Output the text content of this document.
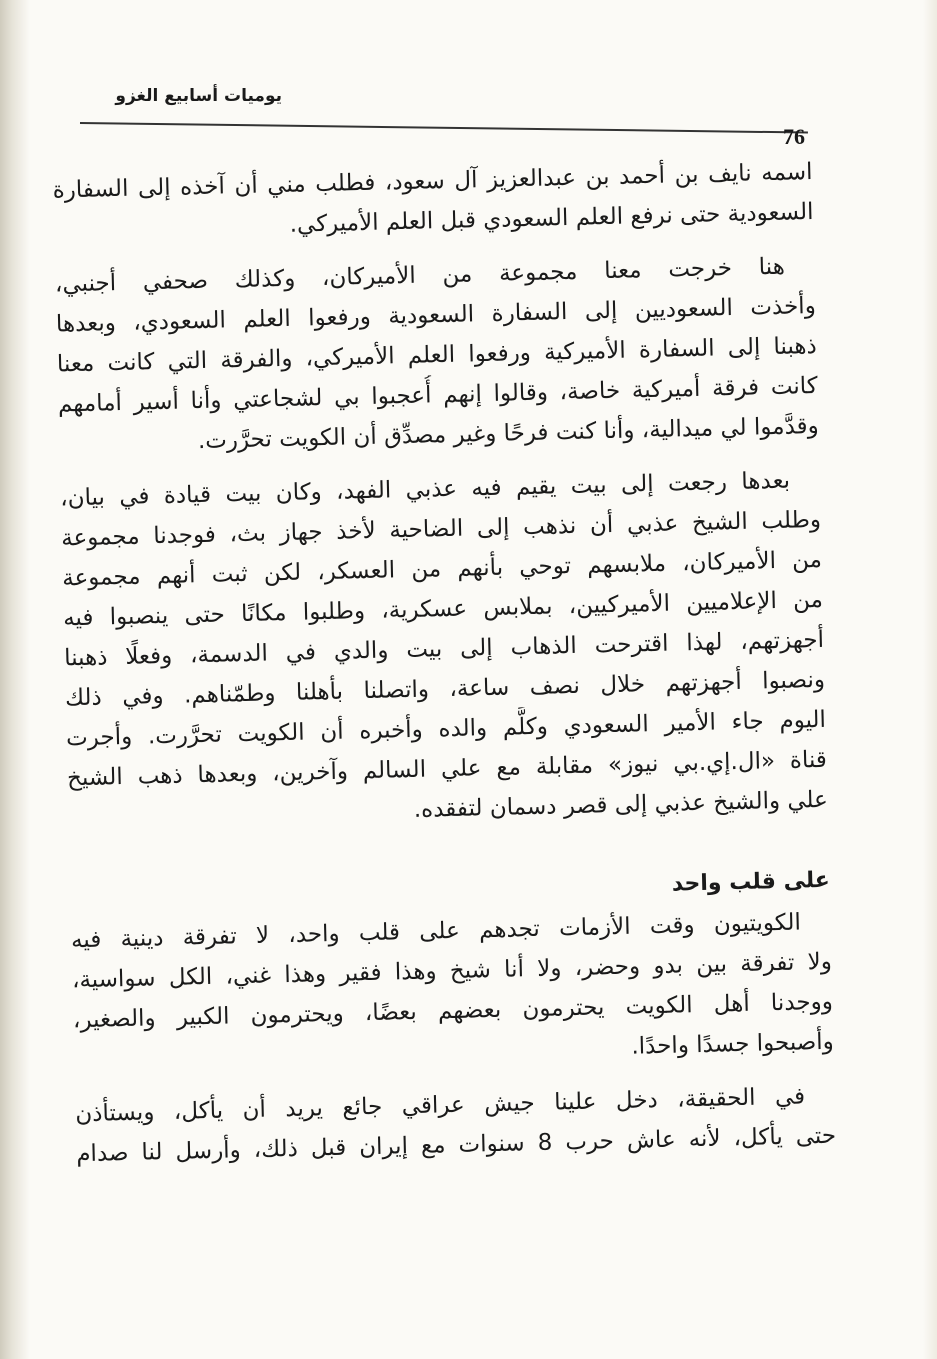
يوميات أسابيع الغزو
76
اسمه نايف بن أحمد بن عبدالعزيز آل سعود، فطلب مني أن آخذه إلى السفارة
السعودية حتى نرفع العلم السعودي قبل العلم الأميركي.
هنا خرجت معنا مجموعة من الأميركان، وكذلك صحفي أجنبي،
وأخذت السعوديين إلى السفارة السعودية ورفعوا العلم السعودي، وبعدها
ذهبنا إلى السفارة الأميركية ورفعوا العلم الأميركي، والفرقة التي كانت معنا
كانت فرقة أميركية خاصة، وقالوا إنهم أُعجبوا بي لشجاعتي وأنا أسير أمامهم
وقدَّموا لي ميدالية، وأنا كنت فرحًا وغير مصدِّق أن الكويت تحرَّرت.
بعدها رجعت إلى بيت يقيم فيه عذبي الفهد، وكان بيت قيادة في بيان،
وطلب الشيخ عذبي أن نذهب إلى الضاحية لأخذ جهاز بث، فوجدنا مجموعة
من الأميركان، ملابسهم توحي بأنهم من العسكر، لكن ثبت أنهم مجموعة
من الإعلاميين الأميركيين، بملابس عسكرية، وطلبوا مكانًا حتى ينصبوا فيه
أجهزتهم، لهذا اقترحت الذهاب إلى بيت والدي في الدسمة، وفعلًا ذهبنا
ونصبوا أجهزتهم خلال نصف ساعة، واتصلنا بأهلنا وطمّناهم. وفي ذلك
اليوم جاء الأمير السعودي وكلَّم والده وأخبره أن الكويت تحرَّرت. وأجرت
قناة «ال.إي.بي نيوز» مقابلة مع علي السالم وآخرين، وبعدها ذهب الشيخ
علي والشيخ عذبي إلى قصر دسمان لتفقده.
على قلب واحد
الكويتيون وقت الأزمات تجدهم على قلب واحد، لا تفرقة دينية فيه
ولا تفرقة بين بدو وحضر، ولا أنا شيخ وهذا فقير وهذا غني، الكل سواسية،
ووجدنا أهل الكويت يحترمون بعضهم بعضًا، ويحترمون الكبير والصغير،
وأصبحوا جسدًا واحدًا.
في الحقيقة، دخل علينا جيش عراقي جائع يريد أن يأكل، ويستأذن
حتى يأكل، لأنه عاش حرب 8 سنوات مع إيران قبل ذلك، وأرسل لنا صدام
